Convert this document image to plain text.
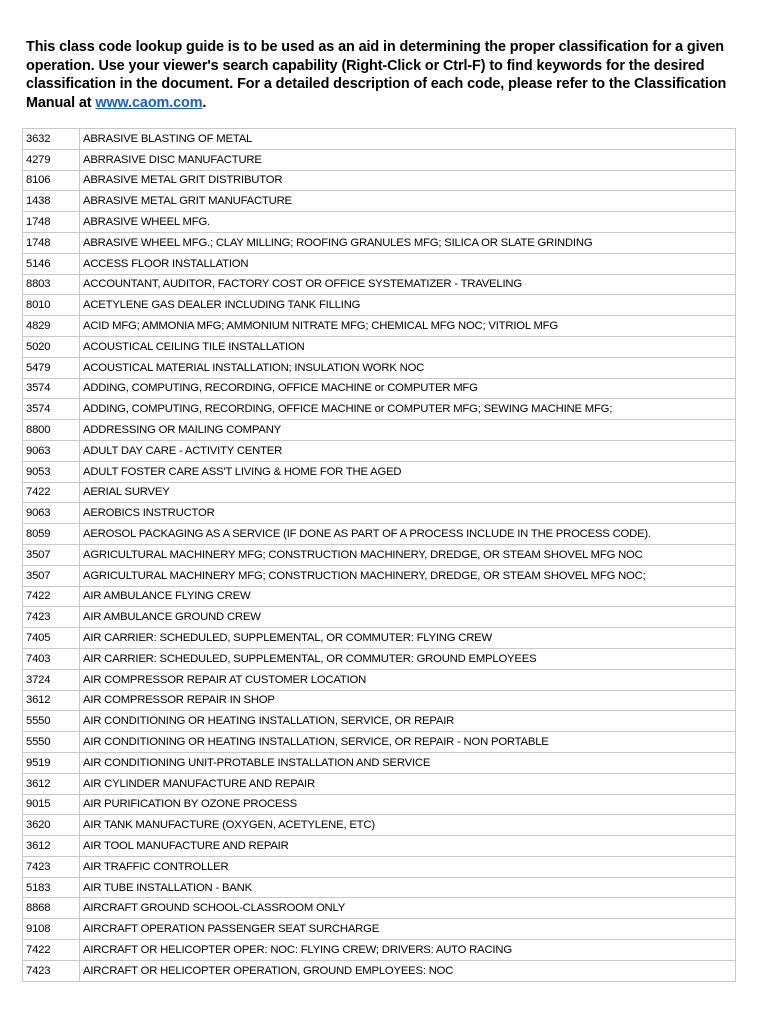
This class code lookup guide is to be used as an aid in determining the proper classification for a given operation. Use your viewer's search capability (Right-Click or Ctrl-F) to find keywords for the desired classification in the document. For a detailed description of each code, please refer to the Classification Manual at www.caom.com.
3632	ABRASIVE BLASTING OF METAL
4279	ABRRASIVE DISC MANUFACTURE
8106	ABRASIVE METAL GRIT DISTRIBUTOR
1438	ABRASIVE METAL GRIT MANUFACTURE
1748	ABRASIVE WHEEL MFG.
1748	ABRASIVE WHEEL MFG.; CLAY MILLING; ROOFING GRANULES MFG; SILICA OR SLATE GRINDING
5146	ACCESS FLOOR INSTALLATION
8803	ACCOUNTANT, AUDITOR, FACTORY COST OR OFFICE SYSTEMATIZER - TRAVELING
8010	ACETYLENE GAS DEALER INCLUDING TANK FILLING
4829	ACID MFG; AMMONIA MFG; AMMONIUM NITRATE MFG; CHEMICAL MFG NOC; VITRIOL MFG
5020	ACOUSTICAL CEILING TILE INSTALLATION
5479	ACOUSTICAL MATERIAL INSTALLATION; INSULATION WORK NOC
3574	ADDING, COMPUTING, RECORDING, OFFICE MACHINE or COMPUTER MFG
3574	ADDING, COMPUTING, RECORDING, OFFICE MACHINE or COMPUTER MFG; SEWING MACHINE MFG;
8800	ADDRESSING OR MAILING COMPANY
9063	ADULT DAY CARE - ACTIVITY CENTER
9053	ADULT FOSTER CARE ASS'T LIVING & HOME FOR THE AGED
7422	AERIAL SURVEY
9063	AEROBICS INSTRUCTOR
8059	AEROSOL PACKAGING AS A SERVICE (IF DONE AS PART OF A PROCESS INCLUDE IN THE PROCESS CODE).
3507	AGRICULTURAL MACHINERY MFG; CONSTRUCTION MACHINERY, DREDGE, OR STEAM SHOVEL MFG NOC
3507	AGRICULTURAL MACHINERY MFG; CONSTRUCTION MACHINERY, DREDGE, OR STEAM SHOVEL MFG NOC;
7422	AIR AMBULANCE FLYING CREW
7423	AIR AMBULANCE GROUND CREW
7405	AIR CARRIER: SCHEDULED, SUPPLEMENTAL, OR COMMUTER: FLYING CREW
7403	AIR CARRIER: SCHEDULED, SUPPLEMENTAL, OR COMMUTER: GROUND EMPLOYEES
3724	AIR COMPRESSOR REPAIR AT CUSTOMER LOCATION
3612	AIR COMPRESSOR REPAIR IN SHOP
5550	AIR CONDITIONING OR HEATING INSTALLATION, SERVICE, OR REPAIR
5550	AIR CONDITIONING OR HEATING INSTALLATION, SERVICE, OR REPAIR - NON PORTABLE
9519	AIR CONDITIONING UNIT-PROTABLE INSTALLATION AND SERVICE
3612	AIR CYLINDER MANUFACTURE AND REPAIR
9015	AIR PURIFICATION BY OZONE PROCESS
3620	AIR TANK MANUFACTURE (OXYGEN, ACETYLENE, ETC)
3612	AIR TOOL MANUFACTURE AND REPAIR
7423	AIR TRAFFIC CONTROLLER
5183	AIR TUBE INSTALLATION - BANK
8868	AIRCRAFT GROUND SCHOOL-CLASSROOM ONLY
9108	AIRCRAFT OPERATION PASSENGER SEAT SURCHARGE
7422	AIRCRAFT OR HELICOPTER OPER: NOC: FLYING CREW; DRIVERS: AUTO RACING
7423	AIRCRAFT OR HELICOPTER OPERATION, GROUND EMPLOYEES: NOC
